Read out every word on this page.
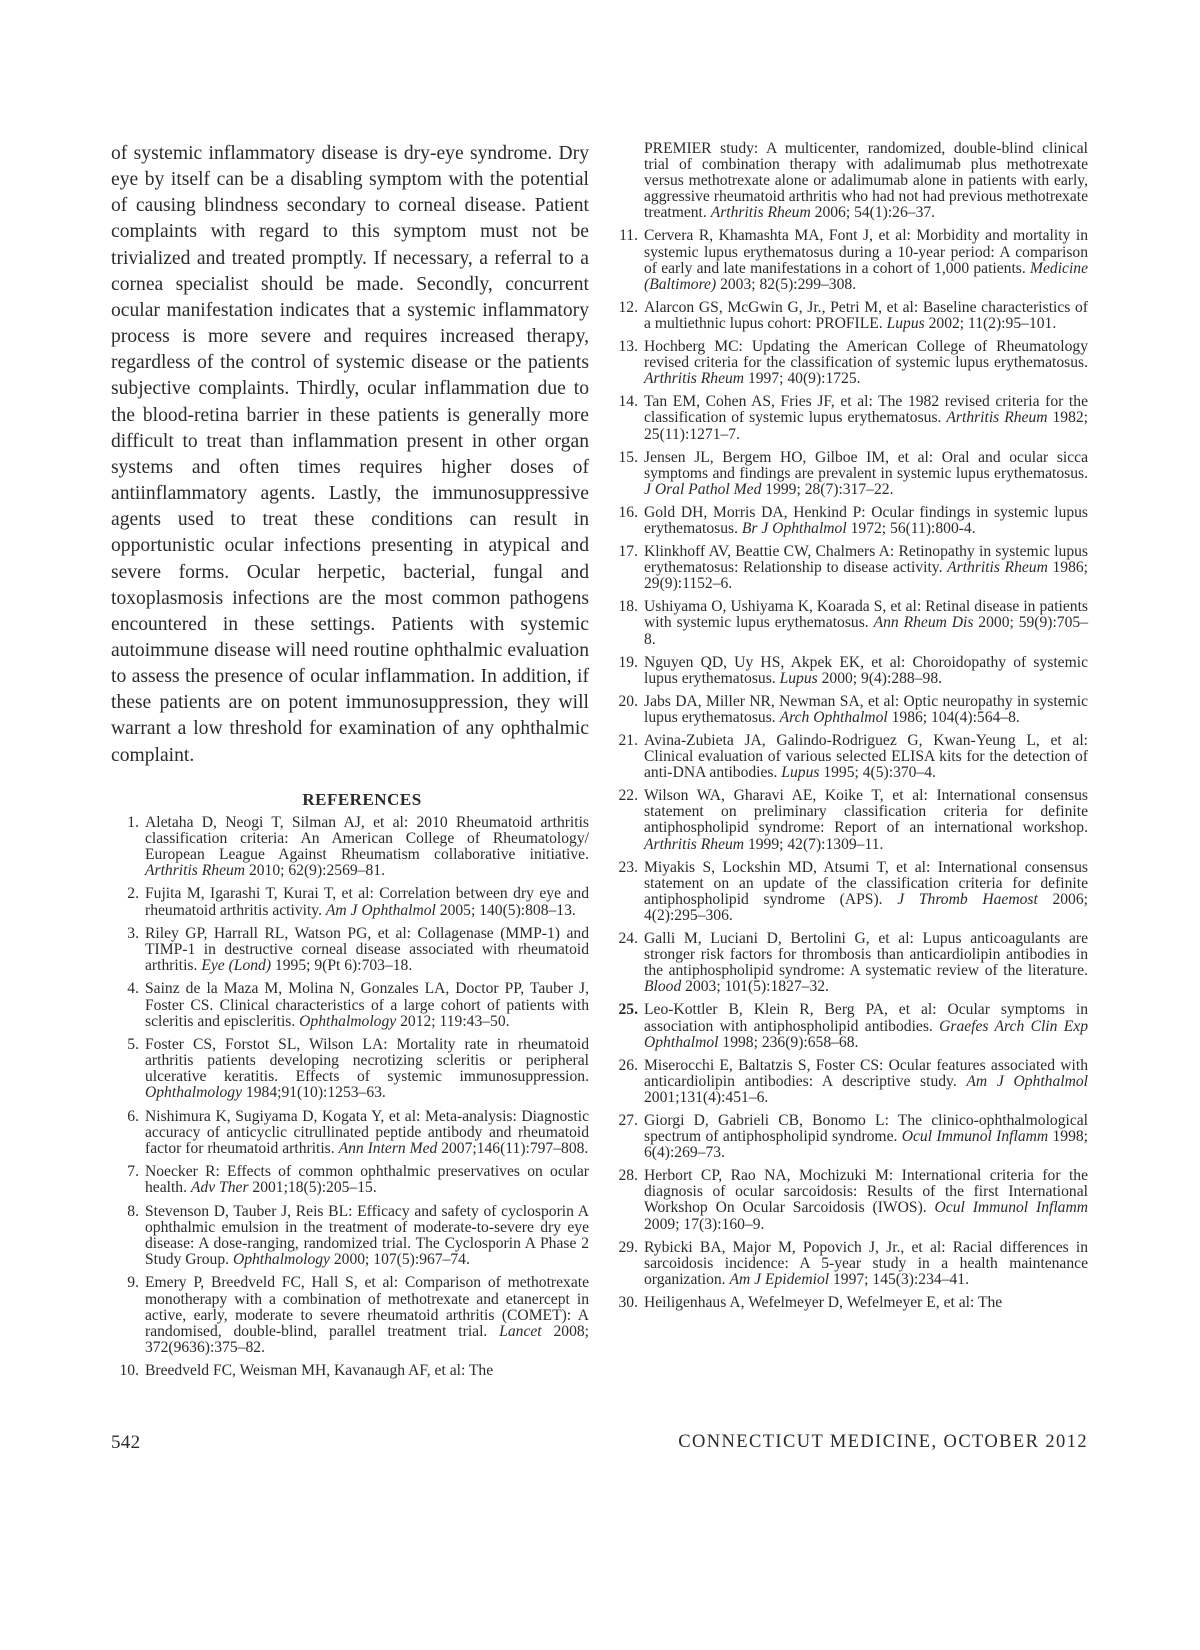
of systemic inflammatory disease is dry-eye syndrome. Dry eye by itself can be a disabling symptom with the potential of causing blindness secondary to corneal disease. Patient complaints with regard to this symptom must not be trivialized and treated promptly. If necessary, a referral to a cornea specialist should be made. Secondly, concurrent ocular manifestation indicates that a systemic inflammatory process is more severe and requires increased therapy, regardless of the control of systemic disease or the patients subjective complaints. Thirdly, ocular inflammation due to the blood-retina barrier in these patients is generally more difficult to treat than inflammation present in other organ systems and often times requires higher doses of antiinflammatory agents. Lastly, the immunosuppressive agents used to treat these conditions can result in opportunistic ocular infections presenting in atypical and severe forms. Ocular herpetic, bacterial, fungal and toxoplasmosis infections are the most common pathogens encountered in these settings. Patients with systemic autoimmune disease will need routine ophthalmic evaluation to assess the presence of ocular inflammation. In addition, if these patients are on potent immunosuppression, they will warrant a low threshold for examination of any ophthalmic complaint.

REFERENCES
1. Aletaha D, Neogi T, Silman AJ, et al: 2010 Rheumatoid arthritis classification criteria: An American College of Rheumatology/ European League Against Rheumatism collaborative initiative. Arthritis Rheum 2010; 62(9):2569–81.
2. Fujita M, Igarashi T, Kurai T, et al: Correlation between dry eye and rheumatoid arthritis activity. Am J Ophthalmol 2005; 140(5):808–13.
3. Riley GP, Harrall RL, Watson PG, et al: Collagenase (MMP-1) and TIMP-1 in destructive corneal disease associated with rheumatoid arthritis. Eye (Lond) 1995; 9(Pt 6):703–18.
4. Sainz de la Maza M, Molina N, Gonzales LA, Doctor PP, Tauber J, Foster CS. Clinical characteristics of a large cohort of patients with scleritis and episcleritis. Ophthalmology 2012; 119:43–50.
5. Foster CS, Forstot SL, Wilson LA: Mortality rate in rheumatoid arthritis patients developing necrotizing scleritis or peripheral ulcerative keratitis. Effects of systemic immunosuppression. Ophthalmology 1984;91(10):1253–63.
6. Nishimura K, Sugiyama D, Kogata Y, et al: Meta-analysis: Diagnostic accuracy of anticyclic citrullinated peptide antibody and rheumatoid factor for rheumatoid arthritis. Ann Intern Med 2007;146(11):797–808.
7. Noecker R: Effects of common ophthalmic preservatives on ocular health. Adv Ther 2001;18(5):205–15.
8. Stevenson D, Tauber J, Reis BL: Efficacy and safety of cyclosporin A ophthalmic emulsion in the treatment of moderate-to-severe dry eye disease: A dose-ranging, randomized trial. The Cyclosporin A Phase 2 Study Group. Ophthalmology 2000; 107(5):967–74.
9. Emery P, Breedveld FC, Hall S, et al: Comparison of methotrexate monotherapy with a combination of methotrexate and etanercept in active, early, moderate to severe rheumatoid arthritis (COMET): A randomised, double-blind, parallel treatment trial. Lancet 2008; 372(9636):375–82.
10. Breedveld FC, Weisman MH, Kavanaugh AF, et al: The
PREMIER study: A multicenter, randomized, double-blind clinical trial of combination therapy with adalimumab plus methotrexate versus methotrexate alone or adalimumab alone in patients with early, aggressive rheumatoid arthritis who had not had previous methotrexate treatment. Arthritis Rheum 2006; 54(1):26–37.
11. Cervera R, Khamashta MA, Font J, et al: Morbidity and mortality in systemic lupus erythematosus during a 10-year period: A comparison of early and late manifestations in a cohort of 1,000 patients. Medicine (Baltimore) 2003; 82(5):299–308.
12. Alarcon GS, McGwin G, Jr., Petri M, et al: Baseline characteristics of a multiethnic lupus cohort: PROFILE. Lupus 2002; 11(2):95–101.
13. Hochberg MC: Updating the American College of Rheumatology revised criteria for the classification of systemic lupus erythematosus. Arthritis Rheum 1997; 40(9):1725.
14. Tan EM, Cohen AS, Fries JF, et al: The 1982 revised criteria for the classification of systemic lupus erythematosus. Arthritis Rheum 1982; 25(11):1271–7.
15. Jensen JL, Bergem HO, Gilboe IM, et al: Oral and ocular sicca symptoms and findings are prevalent in systemic lupus erythematosus. J Oral Pathol Med 1999; 28(7):317–22.
16. Gold DH, Morris DA, Henkind P: Ocular findings in systemic lupus erythematosus. Br J Ophthalmol 1972; 56(11):800-4.
17. Klinkhoff AV, Beattie CW, Chalmers A: Retinopathy in systemic lupus erythematosus: Relationship to disease activity. Arthritis Rheum 1986; 29(9):1152–6.
18. Ushiyama O, Ushiyama K, Koarada S, et al: Retinal disease in patients with systemic lupus erythematosus. Ann Rheum Dis 2000; 59(9):705–8.
19. Nguyen QD, Uy HS, Akpek EK, et al: Choroidopathy of systemic lupus erythematosus. Lupus 2000; 9(4):288–98.
20. Jabs DA, Miller NR, Newman SA, et al: Optic neuropathy in systemic lupus erythematosus. Arch Ophthalmol 1986; 104(4):564–8.
21. Avina-Zubieta JA, Galindo-Rodriguez G, Kwan-Yeung L, et al: Clinical evaluation of various selected ELISA kits for the detection of anti-DNA antibodies. Lupus 1995; 4(5):370–4.
22. Wilson WA, Gharavi AE, Koike T, et al: International consensus statement on preliminary classification criteria for definite antiphospholipid syndrome: Report of an international workshop. Arthritis Rheum 1999; 42(7):1309–11.
23. Miyakis S, Lockshin MD, Atsumi T, et al: International consensus statement on an update of the classification criteria for definite antiphospholipid syndrome (APS). J Thromb Haemost 2006; 4(2):295–306.
24. Galli M, Luciani D, Bertolini G, et al: Lupus anticoagulants are stronger risk factors for thrombosis than anticardiolipin antibodies in the antiphospholipid syndrome: A systematic review of the literature. Blood 2003; 101(5):1827–32.
25. Leo-Kottler B, Klein R, Berg PA, et al: Ocular symptoms in association with antiphospholipid antibodies. Graefes Arch Clin Exp Ophthalmol 1998; 236(9):658–68.
26. Miserocchi E, Baltatzis S, Foster CS: Ocular features associated with anticardiolipin antibodies: A descriptive study. Am J Ophthalmol 2001;131(4):451–6.
27. Giorgi D, Gabrieli CB, Bonomo L: The clinico-ophthalmological spectrum of antiphospholipid syndrome. Ocul Immunol Inflamm 1998; 6(4):269–73.
28. Herbort CP, Rao NA, Mochizuki M: International criteria for the diagnosis of ocular sarcoidosis: Results of the first International Workshop On Ocular Sarcoidosis (IWOS). Ocul Immunol Inflamm 2009; 17(3):160–9.
29. Rybicki BA, Major M, Popovich J, Jr., et al: Racial differences in sarcoidosis incidence: A 5-year study in a health maintenance organization. Am J Epidemiol 1997; 145(3):234–41.
30. Heiligenhaus A, Wefelmeyer D, Wefelmeyer E, et al: The
542	CONNECTICUT MEDICINE, OCTOBER 2012
